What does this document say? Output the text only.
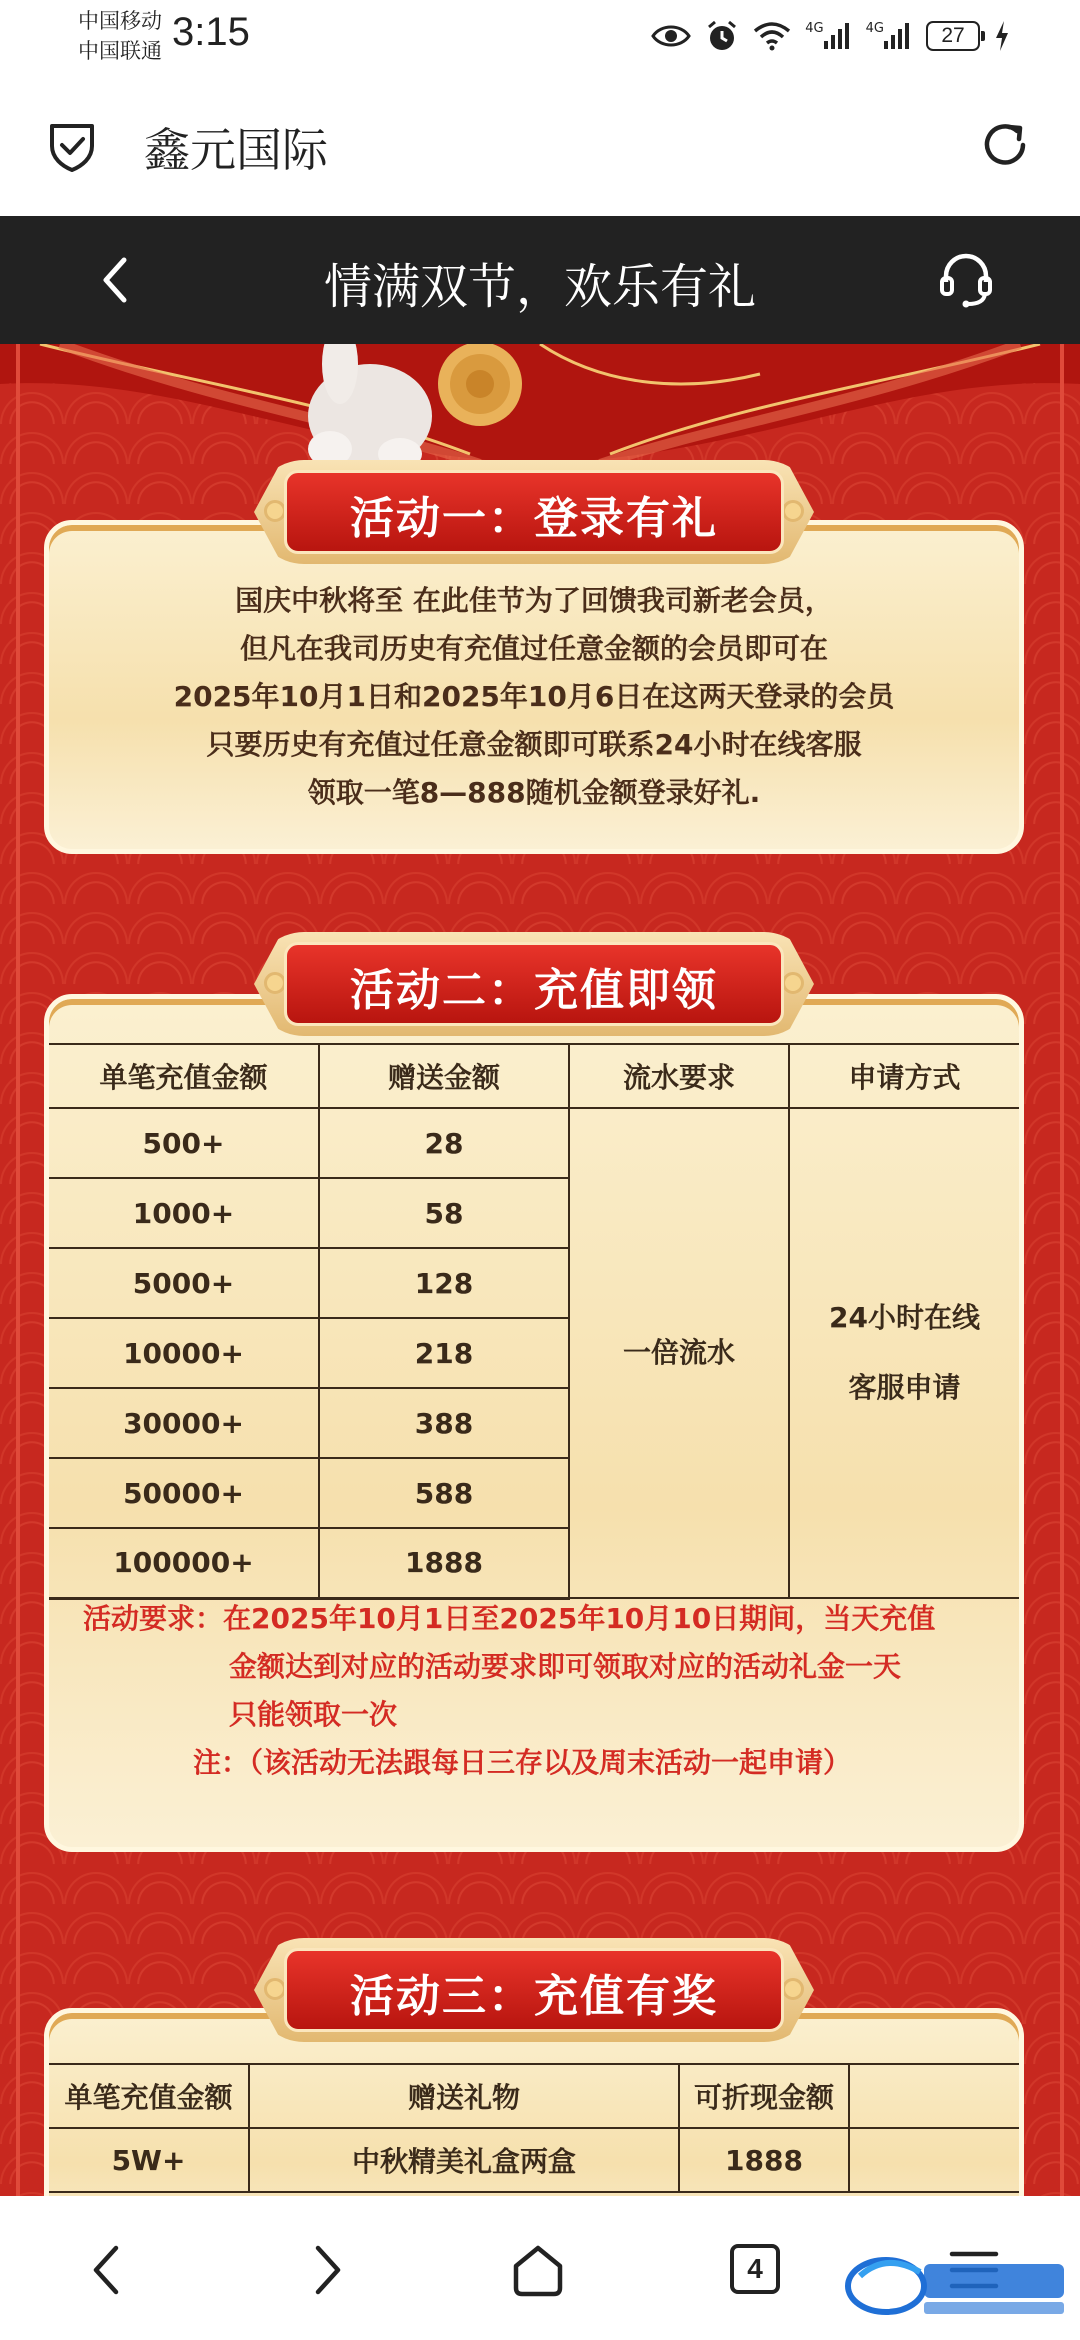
中国移动
中国联通 3:15	4G	4G	27
鑫元国际
情满双节，欢乐有礼
国庆中秋将至 在此佳节为了回馈我司新老会员，
但凡在我司历史有充值过任意金额的会员即可在
2025年10月1日和2025年10月6日在这两天登录的会员
只要历史有充值过任意金额即可联系24小时在线客服
领取一笔8—888随机金额登录好礼.
活动一：登录有礼
单笔充值金额	赠送金额	流水要求	申请方式
500+	28	一倍流水	24小时在线
客服申请

1000+	58		
5000+	128		
10000+	218		
30000+	388		
50000+	588		
100000+	1888		
活动要求：在2025年10月1日至2025年10月10日期间，当天充值
金额达到对应的活动要求即可领取对应的活动礼金一天
只能领取一次
注：（该活动无法跟每日三存以及周末活动一起申请）
活动二：充值即领
单笔充值金额	赠送礼物	可折现金额	
5W+	中秋精美礼盒两盒	1888	
活动三：充值有奖
4
